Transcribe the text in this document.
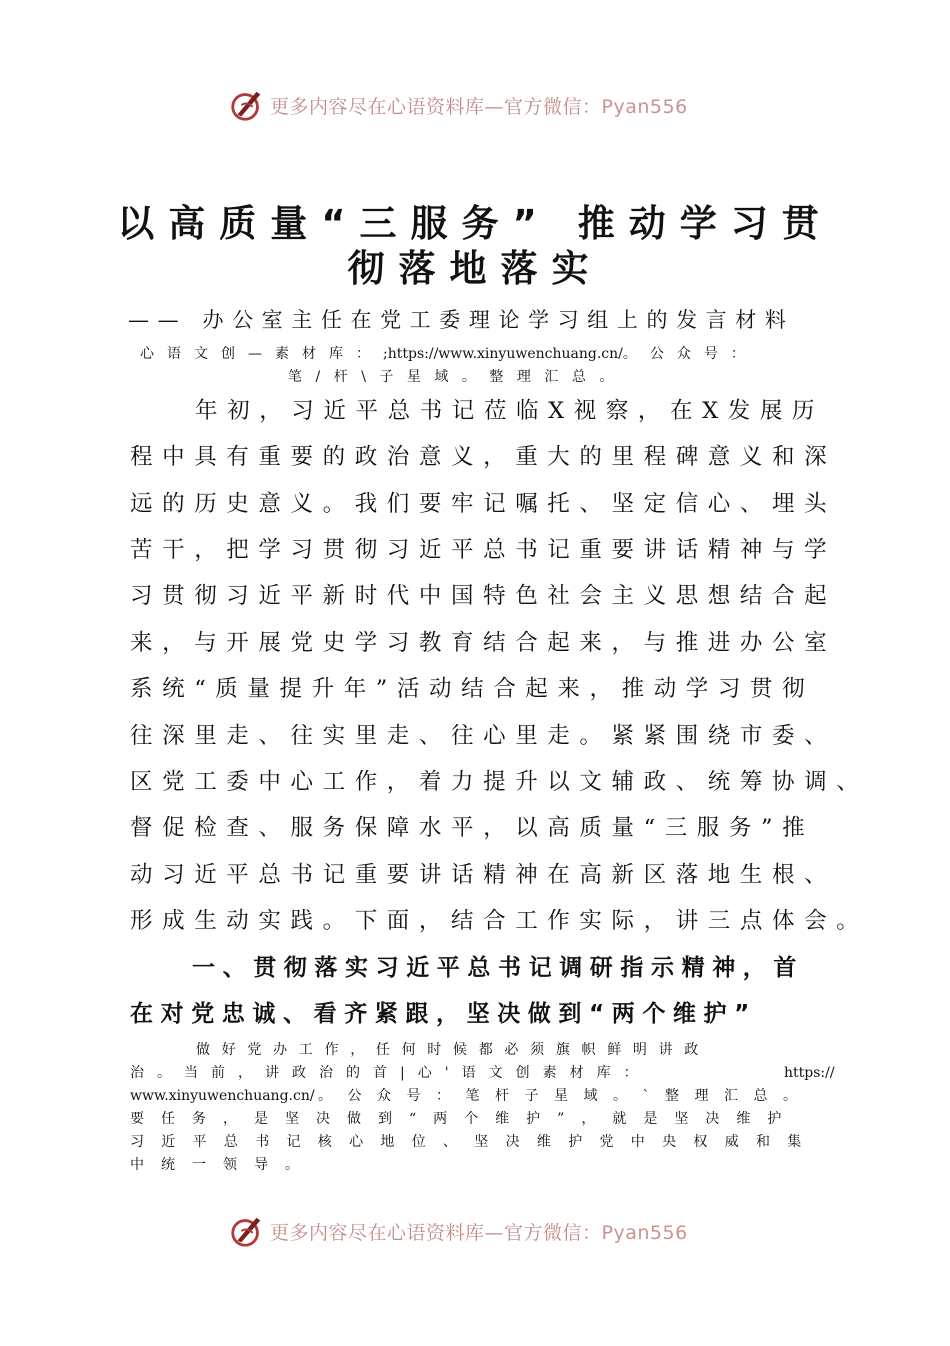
更多内容尽在心语资料库—官方微信：Pyan556
以高质量“三服务” 推动学习贯
彻落地落实
—— 办公室主任在党工委理论学习组上的发言材料
心语文创—素材库：;https://www.xinyuwenchuang.cn/。公众号：
笔/杆\子星域。整理汇总。
年初，习近平总书记莅临X视察，在X发展历
程中具有重要的政治意义，重大的里程碑意义和深
远的历史意义。我们要牢记嘱托、坚定信心、埋头
苦干，把学习贯彻习近平总书记重要讲话精神与学
习贯彻习近平新时代中国特色社会主义思想结合起
来，与开展党史学习教育结合起来，与推进办公室
系统“质量提升年”活动结合起来，推动学习贯彻
往深里走、往实里走、往心里走。紧紧围绕市委、
区党工委中心工作，着力提升以文辅政、统筹协调、
督促检查、服务保障水平，以高质量“三服务”推
动习近平总书记重要讲话精神在高新区落地生根、
形成生动实践。下面，结合工作实际，讲三点体会。
一、贯彻落实习近平总书记调研指示精神，首
在对党忠诚、看齐紧跟，坚决做到“两个维护”
做好党办工作，任何时候都必须旗帜鲜明讲政
治。当前，讲政治的首|心'语文创素材库：	https://
www.xinyuwenchuang.cn/ 。公众号：笔杆子星域。`整理汇总。
要任务，是坚决做到“两个维护”，就是坚决维护
习近平总书记核心地位、坚决维护党中央权威和集
中统一领导。
更多内容尽在心语资料库—官方微信：Pyan556
